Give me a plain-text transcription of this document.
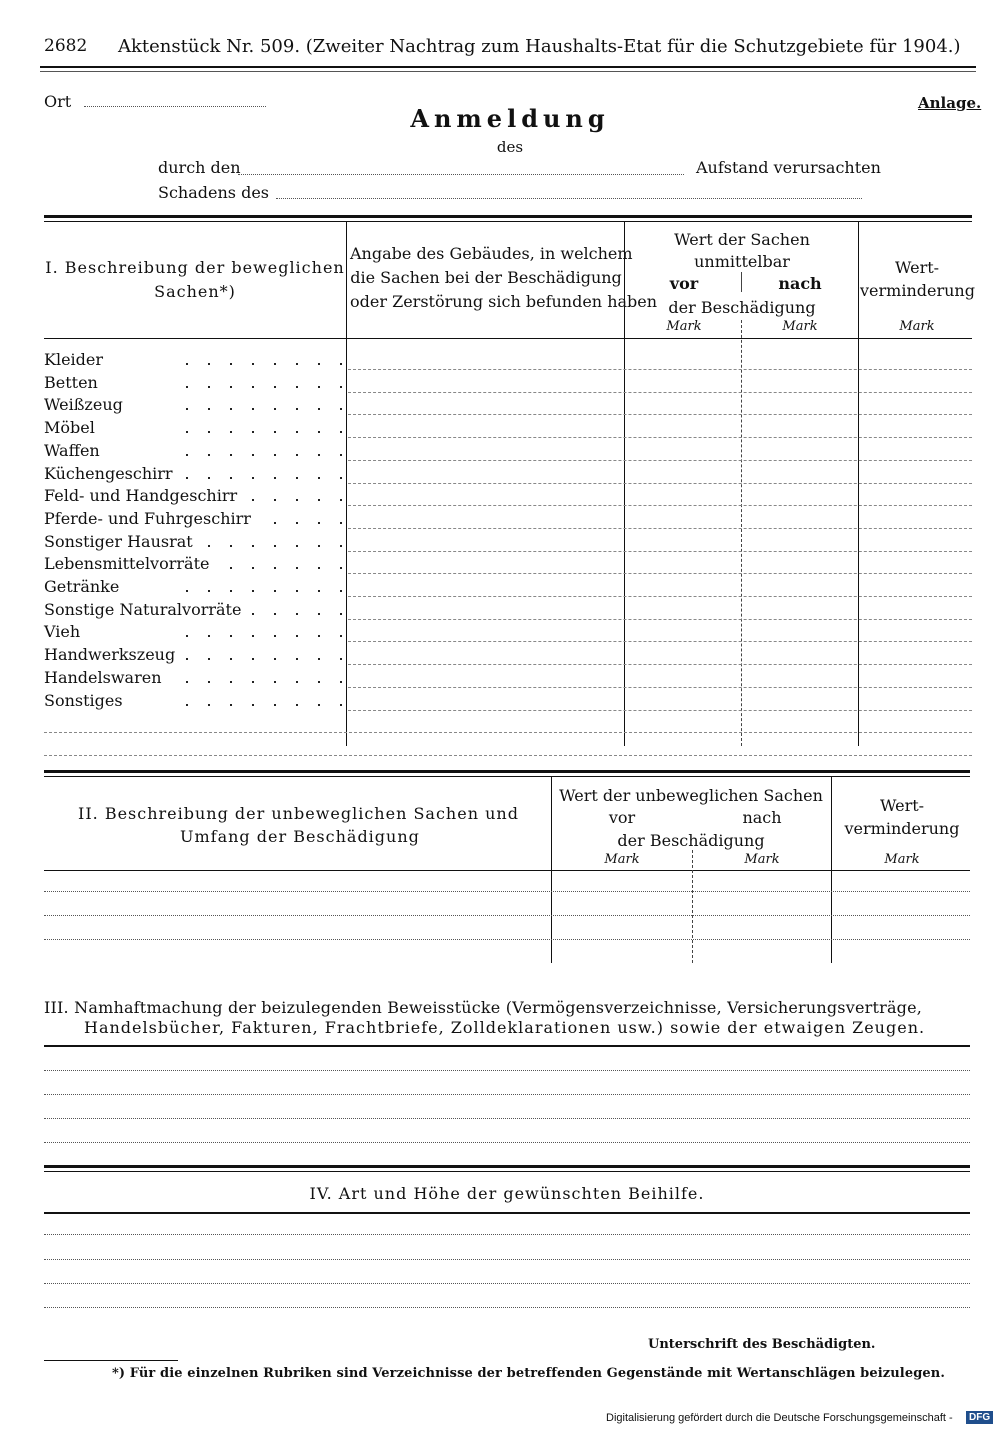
2682 Aktenstück Nr. 509. (Zweiter Nachtrag zum Haushalts-Etat für die Schutzgebiete für 1904.)
Ort	Anlage.
Anmeldung
des
durch den	Aufstand verursachten
Schadens des
I. Beschreibung der beweglichen
Sachen*)
Angabe des Gebäudes, in welchem
die Sachen bei der Beschädigung
oder Zerstörung sich befunden haben
Wert der Sachen
unmittelbar
vor	nach
der Beschädigung
Mark	Mark
Wert-
verminderung
Mark
Kleider
Betten
Weißzeug
Möbel
Waffen
Küchengeschirr
Feld- und Handgeschirr
Pferde- und Fuhrgeschirr
Sonstiger Hausrat
Lebensmittelvorräte
Getränke
Sonstige Naturalvorräte
Vieh
Handwerkszeug
Handelswaren
Sonstiges
II. Beschreibung der unbeweglichen Sachen und
Umfang der Beschädigung
Wert der unbeweglichen Sachen
vor	nach
der Beschädigung
Mark	Mark
Wert-
verminderung
Mark
III. Namhaftmachung der beizulegenden Beweisstücke (Vermögensverzeichnisse, Versicherungsverträge,
Handelsbücher, Fakturen, Frachtbriefe, Zolldeklarationen usw.) sowie der etwaigen Zeugen.
IV. Art und Höhe der gewünschten Beihilfe.
Unterschrift des Beschädigten.
*) Für die einzelnen Rubriken sind Verzeichnisse der betreffenden Gegenstände mit Wertanschlägen beizulegen.
Digitalisierung gefördert durch die Deutsche Forschungsgemeinschaft -	DFG
